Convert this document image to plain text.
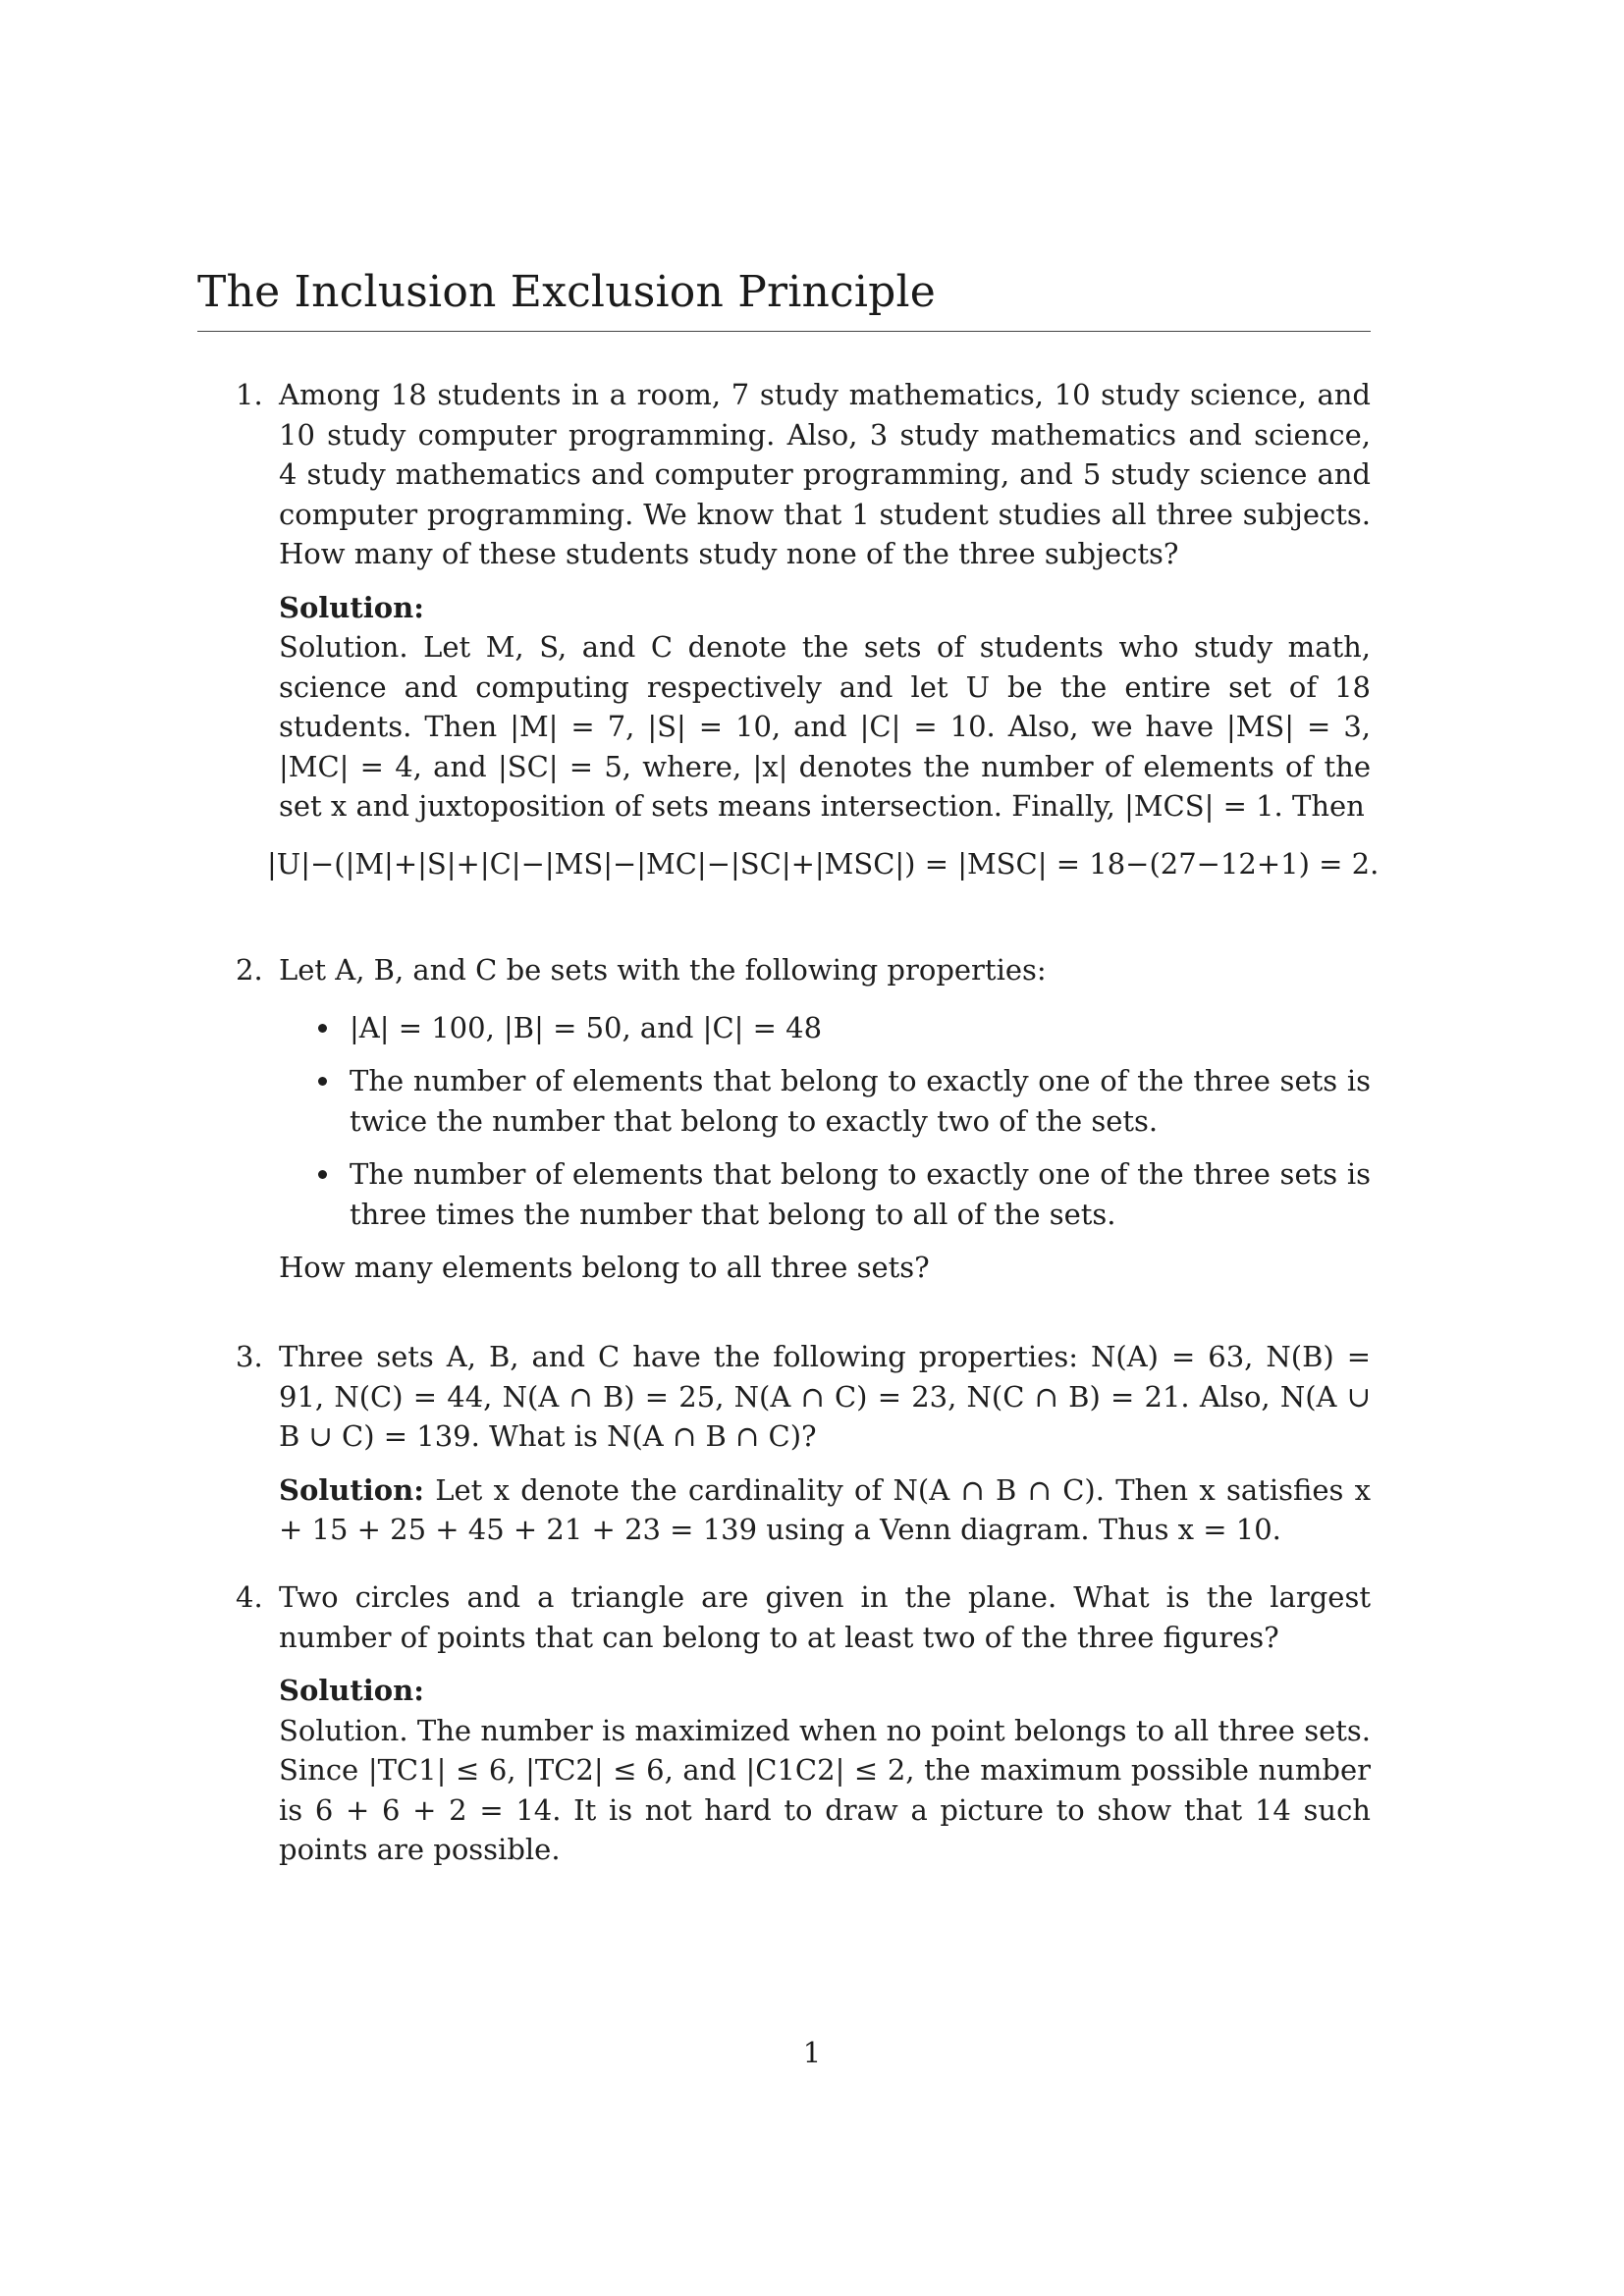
The Inclusion Exclusion Principle
1. Among 18 students in a room, 7 study mathematics, 10 study science, and 10 study computer programming. Also, 3 study mathematics and science, 4 study mathematics and computer programming, and 5 study science and computer programming. We know that 1 student studies all three subjects. How many of these students study none of the three subjects?

Solution:

Solution. Let M, S, and C denote the sets of students who study math, science and computing respectively and let U be the entire set of 18 students. Then |M| = 7, |S| = 10, and |C| = 10. Also, we have |MS| = 3, |MC| = 4, and |SC| = 5, where, |x| denotes the number of elements of the set x and juxtoposition of sets means intersection. Finally, |MCS| = 1. Then

|U|−(|M|+|S|+|C|−|MS|−|MC|−|SC|+|MSC|) = |MSC| = 18−(27−12+1) = 2.
2. Let A, B, and C be sets with the following properties:

|A| = 100, |B| = 50, and |C| = 48
The number of elements that belong to exactly one of the three sets is twice the number that belong to exactly two of the sets.
The number of elements that belong to exactly one of the three sets is three times the number that belong to all of the sets.

How many elements belong to all three sets?

3. Three sets A, B, and C have the following properties: N(A) = 63, N(B) = 91, N(C) = 44, N(A ∩ B) = 25, N(A ∩ C) = 23, N(C ∩ B) = 21. Also, N(A ∪ B ∪ C) = 139. What is N(A ∩ B ∩ C)?

Solution: Let x denote the cardinality of N(A ∩ B ∩ C). Then x satisfies x + 15 + 25 + 45 + 21 + 23 = 139 using a Venn diagram. Thus x = 10.

4. Two circles and a triangle are given in the plane. What is the largest number of points that can belong to at least two of the three figures?

Solution:

Solution. The number is maximized when no point belongs to all three sets. Since |TC1| ≤ 6, |TC2| ≤ 6, and |C1C2| ≤ 2, the maximum possible number is 6 + 6 + 2 = 14. It is not hard to draw a picture to show that 14 such points are possible.

1
